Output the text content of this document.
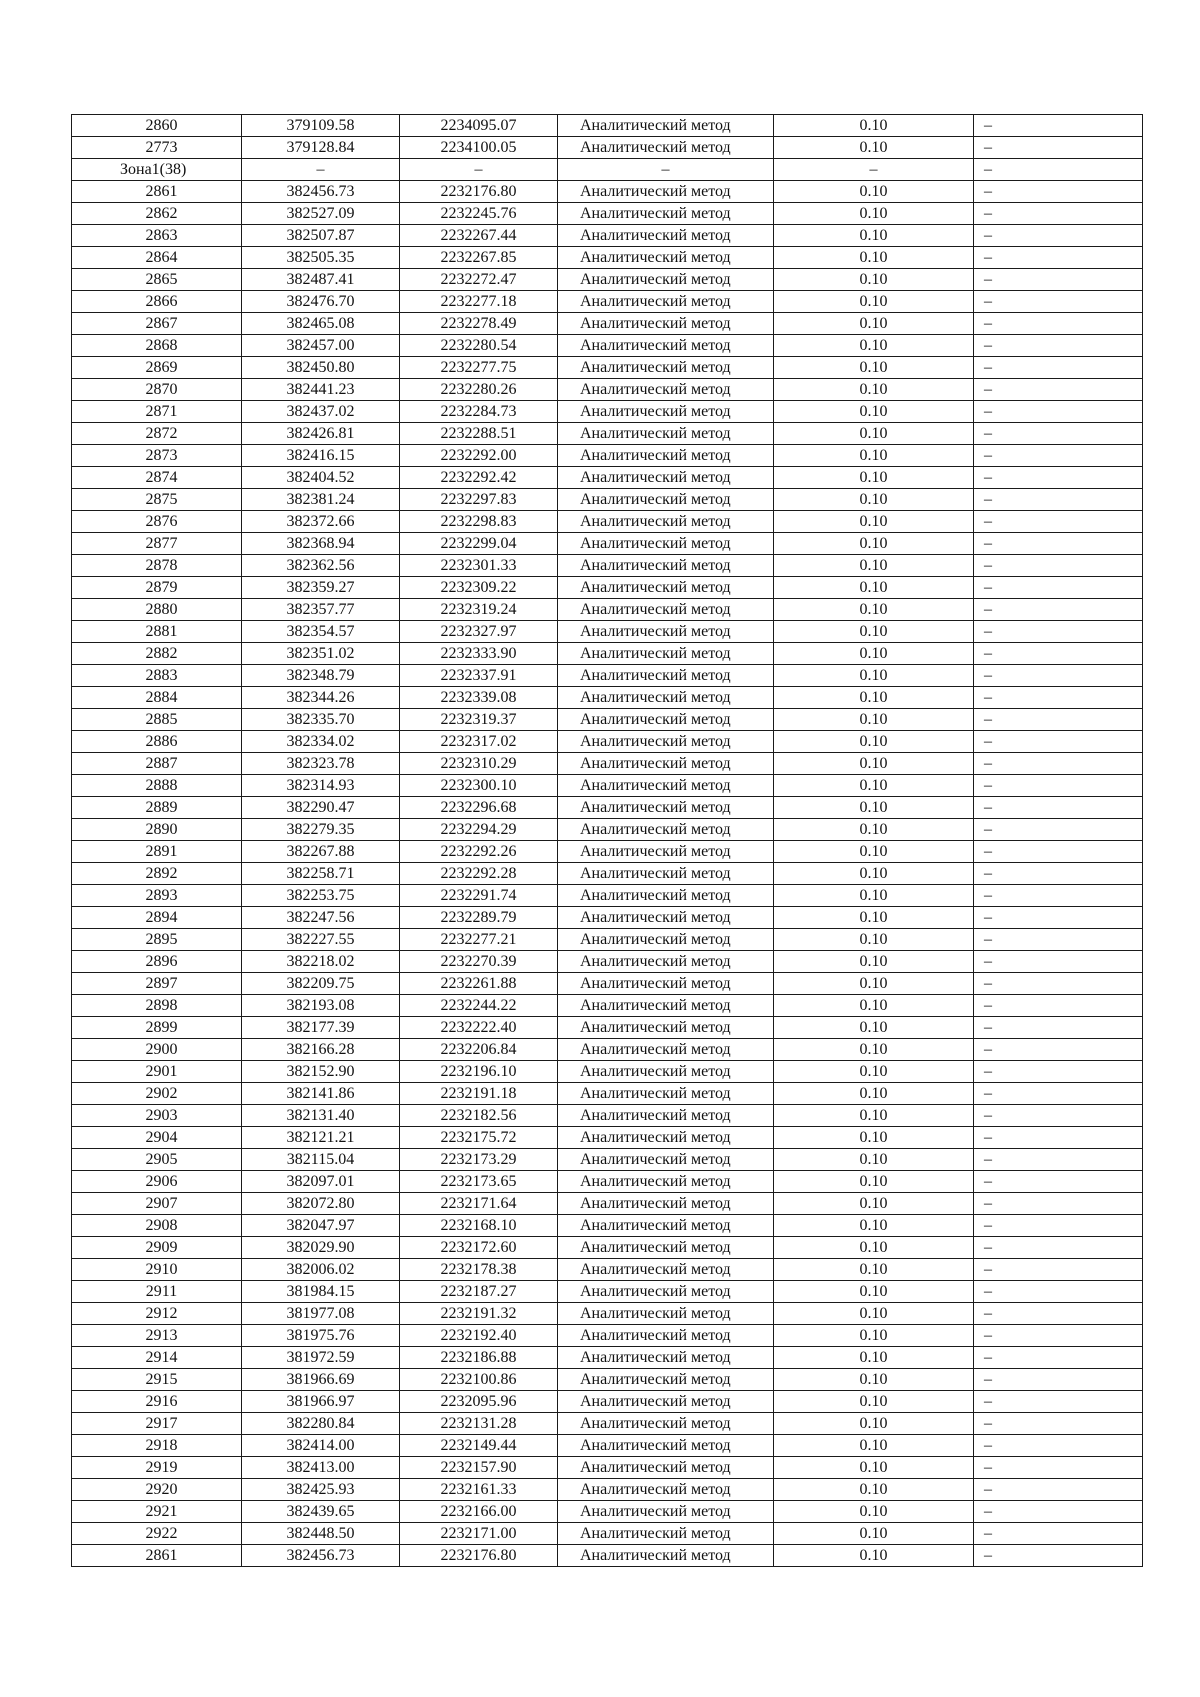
2860	379109.58	2234095.07	Аналитический метод	0.10	–
2773	379128.84	2234100.05	Аналитический метод	0.10	–
Зона1(38)	–	–	–	–	–
2861	382456.73	2232176.80	Аналитический метод	0.10	–
2862	382527.09	2232245.76	Аналитический метод	0.10	–
2863	382507.87	2232267.44	Аналитический метод	0.10	–
2864	382505.35	2232267.85	Аналитический метод	0.10	–
2865	382487.41	2232272.47	Аналитический метод	0.10	–
2866	382476.70	2232277.18	Аналитический метод	0.10	–
2867	382465.08	2232278.49	Аналитический метод	0.10	–
2868	382457.00	2232280.54	Аналитический метод	0.10	–
2869	382450.80	2232277.75	Аналитический метод	0.10	–
2870	382441.23	2232280.26	Аналитический метод	0.10	–
2871	382437.02	2232284.73	Аналитический метод	0.10	–
2872	382426.81	2232288.51	Аналитический метод	0.10	–
2873	382416.15	2232292.00	Аналитический метод	0.10	–
2874	382404.52	2232292.42	Аналитический метод	0.10	–
2875	382381.24	2232297.83	Аналитический метод	0.10	–
2876	382372.66	2232298.83	Аналитический метод	0.10	–
2877	382368.94	2232299.04	Аналитический метод	0.10	–
2878	382362.56	2232301.33	Аналитический метод	0.10	–
2879	382359.27	2232309.22	Аналитический метод	0.10	–
2880	382357.77	2232319.24	Аналитический метод	0.10	–
2881	382354.57	2232327.97	Аналитический метод	0.10	–
2882	382351.02	2232333.90	Аналитический метод	0.10	–
2883	382348.79	2232337.91	Аналитический метод	0.10	–
2884	382344.26	2232339.08	Аналитический метод	0.10	–
2885	382335.70	2232319.37	Аналитический метод	0.10	–
2886	382334.02	2232317.02	Аналитический метод	0.10	–
2887	382323.78	2232310.29	Аналитический метод	0.10	–
2888	382314.93	2232300.10	Аналитический метод	0.10	–
2889	382290.47	2232296.68	Аналитический метод	0.10	–
2890	382279.35	2232294.29	Аналитический метод	0.10	–
2891	382267.88	2232292.26	Аналитический метод	0.10	–
2892	382258.71	2232292.28	Аналитический метод	0.10	–
2893	382253.75	2232291.74	Аналитический метод	0.10	–
2894	382247.56	2232289.79	Аналитический метод	0.10	–
2895	382227.55	2232277.21	Аналитический метод	0.10	–
2896	382218.02	2232270.39	Аналитический метод	0.10	–
2897	382209.75	2232261.88	Аналитический метод	0.10	–
2898	382193.08	2232244.22	Аналитический метод	0.10	–
2899	382177.39	2232222.40	Аналитический метод	0.10	–
2900	382166.28	2232206.84	Аналитический метод	0.10	–
2901	382152.90	2232196.10	Аналитический метод	0.10	–
2902	382141.86	2232191.18	Аналитический метод	0.10	–
2903	382131.40	2232182.56	Аналитический метод	0.10	–
2904	382121.21	2232175.72	Аналитический метод	0.10	–
2905	382115.04	2232173.29	Аналитический метод	0.10	–
2906	382097.01	2232173.65	Аналитический метод	0.10	–
2907	382072.80	2232171.64	Аналитический метод	0.10	–
2908	382047.97	2232168.10	Аналитический метод	0.10	–
2909	382029.90	2232172.60	Аналитический метод	0.10	–
2910	382006.02	2232178.38	Аналитический метод	0.10	–
2911	381984.15	2232187.27	Аналитический метод	0.10	–
2912	381977.08	2232191.32	Аналитический метод	0.10	–
2913	381975.76	2232192.40	Аналитический метод	0.10	–
2914	381972.59	2232186.88	Аналитический метод	0.10	–
2915	381966.69	2232100.86	Аналитический метод	0.10	–
2916	381966.97	2232095.96	Аналитический метод	0.10	–
2917	382280.84	2232131.28	Аналитический метод	0.10	–
2918	382414.00	2232149.44	Аналитический метод	0.10	–
2919	382413.00	2232157.90	Аналитический метод	0.10	–
2920	382425.93	2232161.33	Аналитический метод	0.10	–
2921	382439.65	2232166.00	Аналитический метод	0.10	–
2922	382448.50	2232171.00	Аналитический метод	0.10	–
2861	382456.73	2232176.80	Аналитический метод	0.10	–
